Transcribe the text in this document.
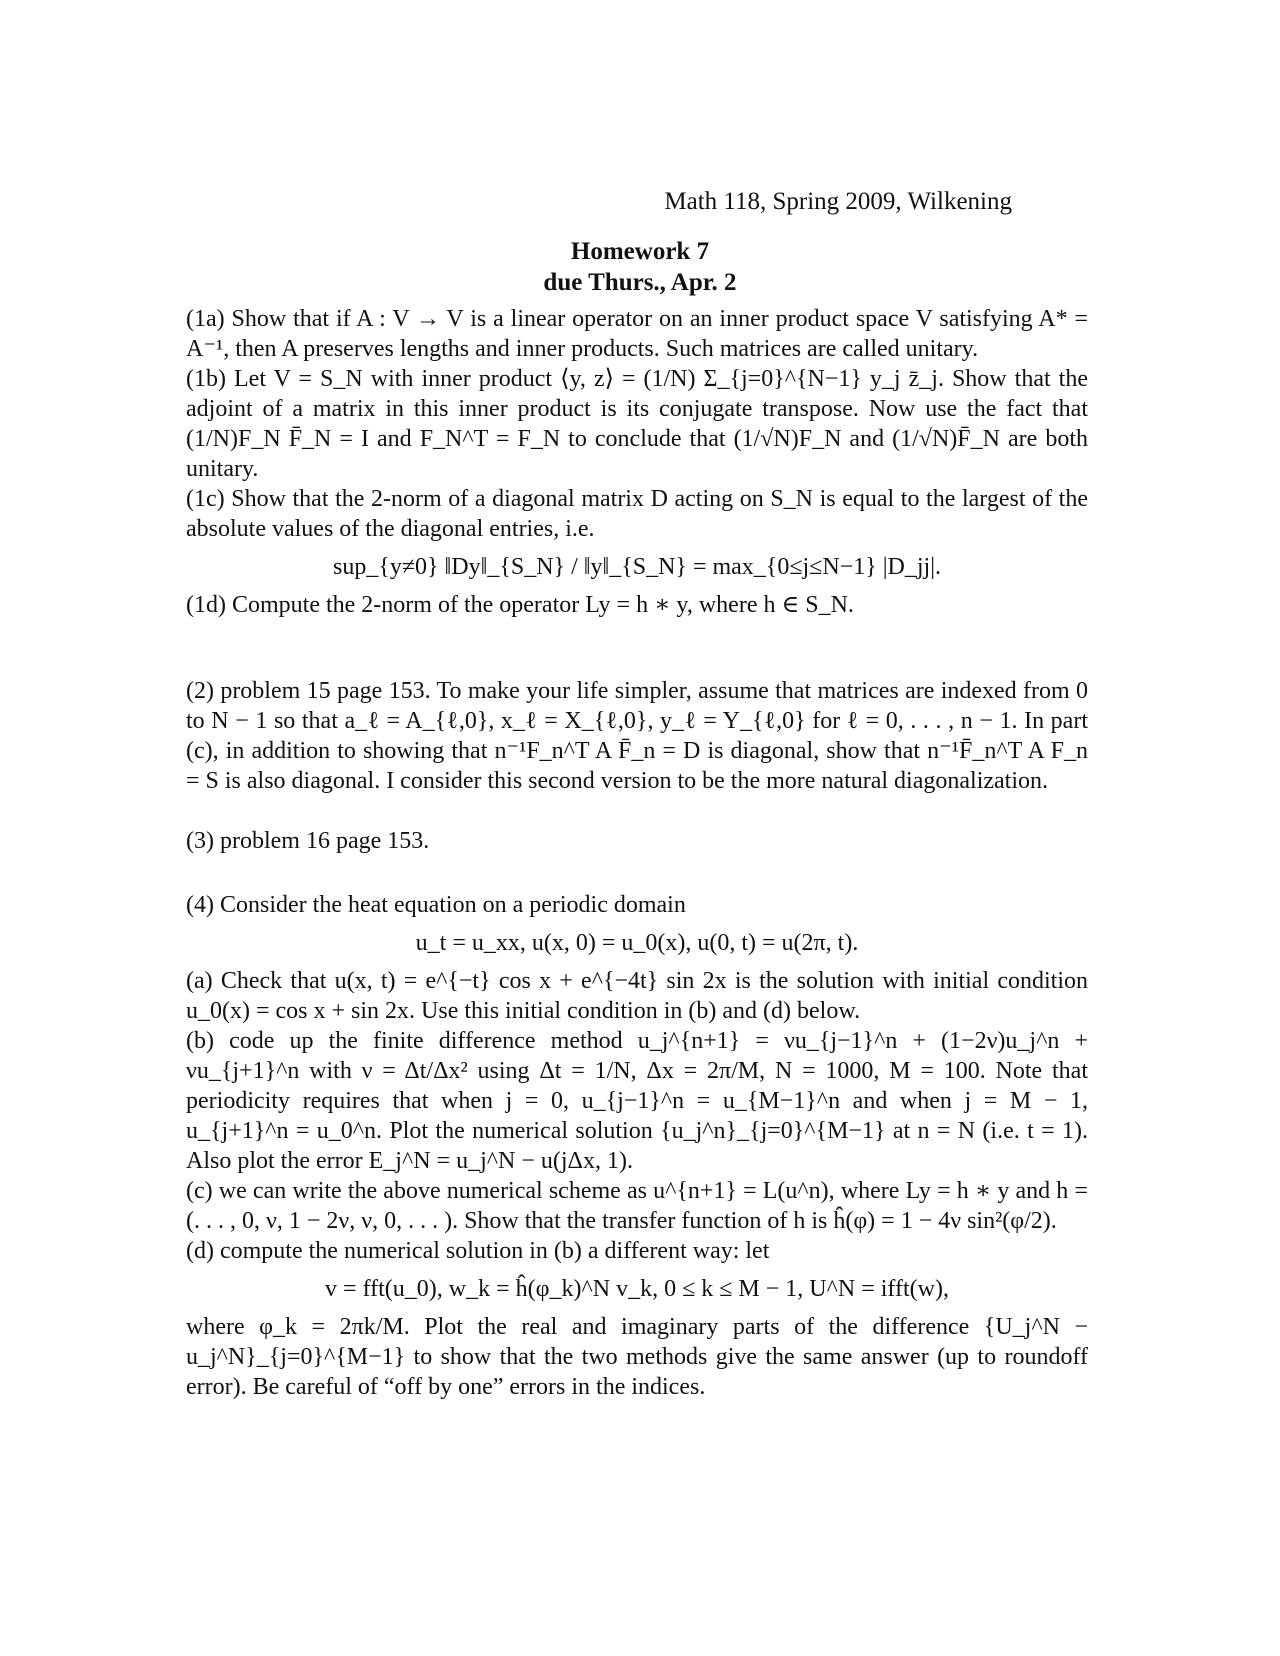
Math 118, Spring 2009, Wilkening
Homework 7
due Thurs., Apr. 2

(1a) Show that if A : V → V is a linear operator on an inner product space V satisfying A* = A⁻¹, then A preserves lengths and inner products. Such matrices are called unitary.

(1b) Let V = S_N with inner product ⟨y, z⟩ = (1/N) Σ_{j=0}^{N−1} y_j z̄_j. Show that the adjoint of a matrix in this inner product is its conjugate transpose. Now use the fact that (1/N)F_N F̄_N = I and F_N^T = F_N to conclude that (1/√N)F_N and (1/√N)F̄_N are both unitary.

(1c) Show that the 2-norm of a diagonal matrix D acting on S_N is equal to the largest of the absolute values of the diagonal entries, i.e.

sup_{y≠0} ‖Dy‖_{S_N} / ‖y‖_{S_N} = max_{0≤j≤N−1} |D_jj|.

(1d) Compute the 2-norm of the operator Ly = h ∗ y, where h ∈ S_N.

(2) problem 15 page 153. To make your life simpler, assume that matrices are indexed from 0 to N − 1 so that a_ℓ = A_{ℓ,0}, x_ℓ = X_{ℓ,0}, y_ℓ = Y_{ℓ,0} for ℓ = 0, . . . , n − 1. In part (c), in addition to showing that n⁻¹F_n^T A F̄_n = D is diagonal, show that n⁻¹F̄_n^T A F_n = S is also diagonal. I consider this second version to be the more natural diagonalization.

(3) problem 16 page 153.

(4) Consider the heat equation on a periodic domain

u_t = u_xx, u(x, 0) = u_0(x), u(0, t) = u(2π, t).

(a) Check that u(x, t) = e^{−t} cos x + e^{−4t} sin 2x is the solution with initial condition u_0(x) = cos x + sin 2x. Use this initial condition in (b) and (d) below.

(b) code up the finite difference method u_j^{n+1} = νu_{j−1}^n + (1−2ν)u_j^n + νu_{j+1}^n with ν = Δt/Δx² using Δt = 1/N, Δx = 2π/M, N = 1000, M = 100. Note that periodicity requires that when j = 0, u_{j−1}^n = u_{M−1}^n and when j = M − 1, u_{j+1}^n = u_0^n. Plot the numerical solution {u_j^n}_{j=0}^{M−1} at n = N (i.e. t = 1). Also plot the error E_j^N = u_j^N − u(jΔx, 1).

(c) we can write the above numerical scheme as u^{n+1} = L(u^n), where Ly = h ∗ y and h = (. . . , 0, ν, 1 − 2ν, ν, 0, . . . ). Show that the transfer function of h is ĥ(φ) = 1 − 4ν sin²(φ/2).

(d) compute the numerical solution in (b) a different way: let

v = fft(u_0), w_k = ĥ(φ_k)^N v_k, 0 ≤ k ≤ M − 1, U^N = ifft(w),

where φ_k = 2πk/M. Plot the real and imaginary parts of the difference {U_j^N − u_j^N}_{j=0}^{M−1} to show that the two methods give the same answer (up to roundoff error). Be careful of “off by one” errors in the indices.
